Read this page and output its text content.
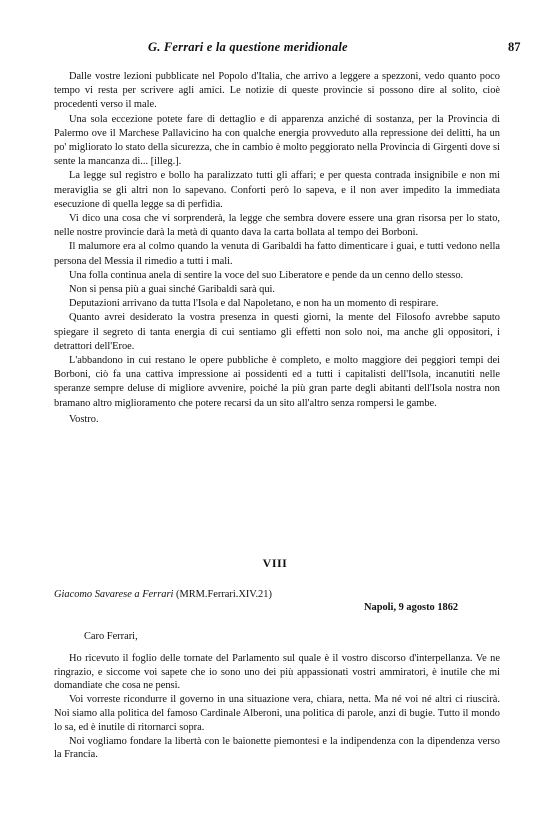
G. Ferrari e la questione meridionale	87

Dalle vostre lezioni pubblicate nel Popolo d'Italia, che arrivo a leggere a spezzoni, vedo quanto poco tempo vi resta per scrivere agli amici. Le notizie di queste provincie si possono dire al solito, cioè procedenti verso il male.

Una sola eccezione potete fare di dettaglio e di apparenza anziché di sostanza, per la Provincia di Palermo ove il Marchese Pallavicino ha con qualche energia provveduto alla repressione dei delitti, ha un po' migliorato lo stato della sicurezza, che in cambio è molto peggiorato nella Provincia di Girgenti dove si sente la mancanza di... [illeg.].

La legge sul registro e bollo ha paralizzato tutti gli affari; e per questa contrada insignibile e non mi meraviglia se gli altri non lo sapevano. Conforti però lo sapeva, e il non aver impedito la immediata esecuzione di quella legge sa di perfidia.

Vi dico una cosa che vi sorprenderà, la legge che sembra dovere essere una gran risorsa per lo stato, nelle nostre provincie darà la metà di quanto dava la carta bollata al tempo dei Borboni.

Il malumore era al colmo quando la venuta di Garibaldi ha fatto dimenticare i guai, e tutti vedono nella persona del Messia il rimedio a tutti i mali.

Una folla continua anela di sentire la voce del suo Liberatore e pende da un cenno dello stesso.

Non si pensa più a guai sinché Garibaldi sarà qui.

Deputazioni arrivano da tutta l'Isola e dal Napoletano, e non ha un momento di respirare.

Quanto avrei desiderato la vostra presenza in questi giorni, la mente del Filosofo avrebbe saputo spiegare il segreto di tanta energia di cui sentiamo gli effetti non solo noi, ma anche gli oppositori, i detrattori dell'Eroe.

L'abbandono in cui restano le opere pubbliche è completo, e molto maggiore dei peggiori tempi dei Borboni, ciò fa una cattiva impressione ai possidenti ed a tutti i capitalisti dell'Isola, incanutiti nelle speranze sempre deluse di migliore avvenire, poiché la più gran parte degli abitanti dell'Isola nostra non bramano altro miglioramento che potere recarsi da un sito all'altro senza rompersi le gambe.

Vostro.

VIII
Giacomo Savarese a Ferrari (MRM.Ferrari.XIV.21)
Napoli, 9 agosto 1862

Caro Ferrari,

Ho ricevuto il foglio delle tornate del Parlamento sul quale è il vostro discorso d'interpellanza. Ve ne ringrazio, e siccome voi sapete che io sono uno dei più appassionati vostri ammiratori, è inutile che mi domandiate che cosa ne pensi.

Voi vorreste ricondurre il governo in una situazione vera, chiara, netta. Ma né voi né altri ci riuscirà. Noi siamo alla politica del famoso Cardinale Alberoni, una politica di parole, anzi di bugie. Tutto il mondo lo sa, ed è inutile di ritornarci sopra.

Noi vogliamo fondare la libertà con le baionette piemontesi e la indipendenza con la dipendenza verso la Francia.
